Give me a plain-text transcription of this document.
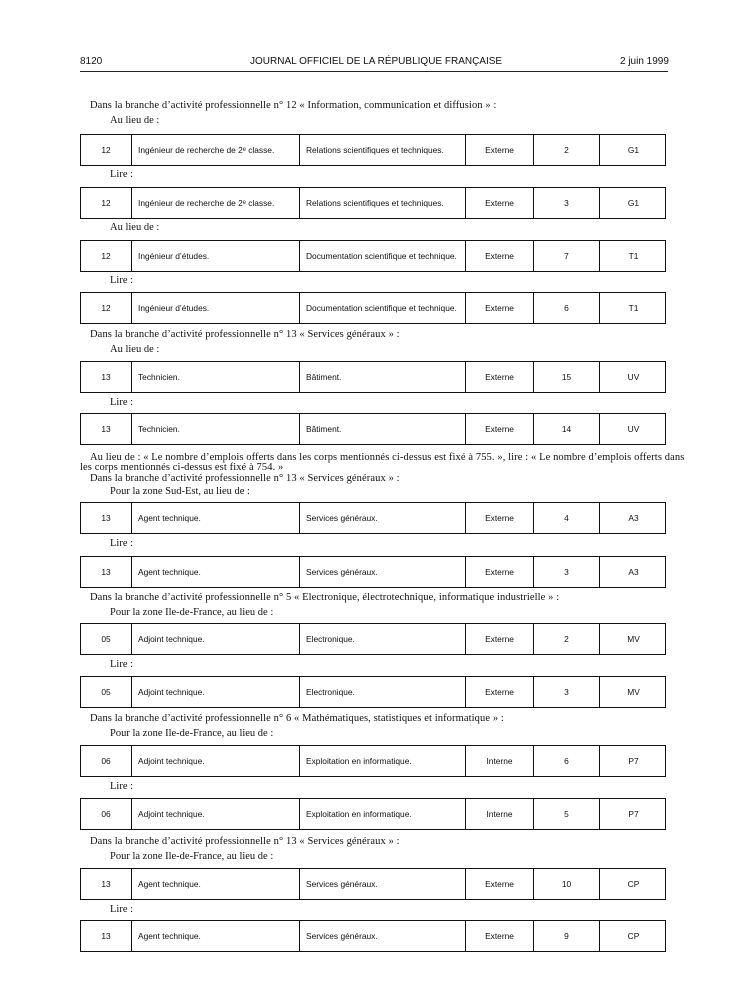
8120	JOURNAL OFFICIEL DE LA RÉPUBLIQUE FRANÇAISE	2 juin 1999
Dans la branche d’activité professionnelle n° 12 « Information, communication et diffusion » :
Au lieu de :
12	Ingénieur de recherche de 2ᵉ classe.	Relations scientifiques et techniques.	Externe	2	G1
Lire :
12	Ingénieur de recherche de 2ᵉ classe.	Relations scientifiques et techniques.	Externe	3	G1
Au lieu de :
12	Ingénieur d’études.	Documentation scientifique et technique.	Externe	7	T1
Lire :
12	Ingénieur d’études.	Documentation scientifique et technique.	Externe	6	T1
Dans la branche d’activité professionnelle n° 13 « Services généraux » :
Au lieu de :
13	Technicien.	Bâtiment.	Externe	15	UV
Lire :
13	Technicien.	Bâtiment.	Externe	14	UV
Au lieu de : « Le nombre d’emplois offerts dans les corps mentionnés ci-dessus est fixé à 755. », lire : « Le nombre d’emplois offerts dans
les corps mentionnés ci-dessus est fixé à 754. »
Dans la branche d’activité professionnelle n° 13 « Services généraux » :
Pour la zone Sud-Est, au lieu de :
13	Agent technique.	Services généraux.	Externe	4	A3
Lire :
13	Agent technique.	Services généraux.	Externe	3	A3
Dans la branche d’activité professionnelle n° 5 « Electronique, électrotechnique, informatique industrielle » :
Pour la zone Ile-de-France, au lieu de :
05	Adjoint technique.	Electronique.	Externe	2	MV
Lire :
05	Adjoint technique.	Electronique.	Externe	3	MV
Dans la branche d’activité professionnelle n° 6 « Mathématiques, statistiques et informatique » :
Pour la zone Ile-de-France, au lieu de :
06	Adjoint technique.	Exploitation en informatique.	Interne	6	P7
Lire :
06	Adjoint technique.	Exploitation en informatique.	Interne	5	P7
Dans la branche d’activité professionnelle n° 13 « Services généraux » :
Pour la zone Ile-de-France, au lieu de :
13	Agent technique.	Services généraux.	Externe	10	CP
Lire :
13	Agent technique.	Services généraux.	Externe	9	CP
